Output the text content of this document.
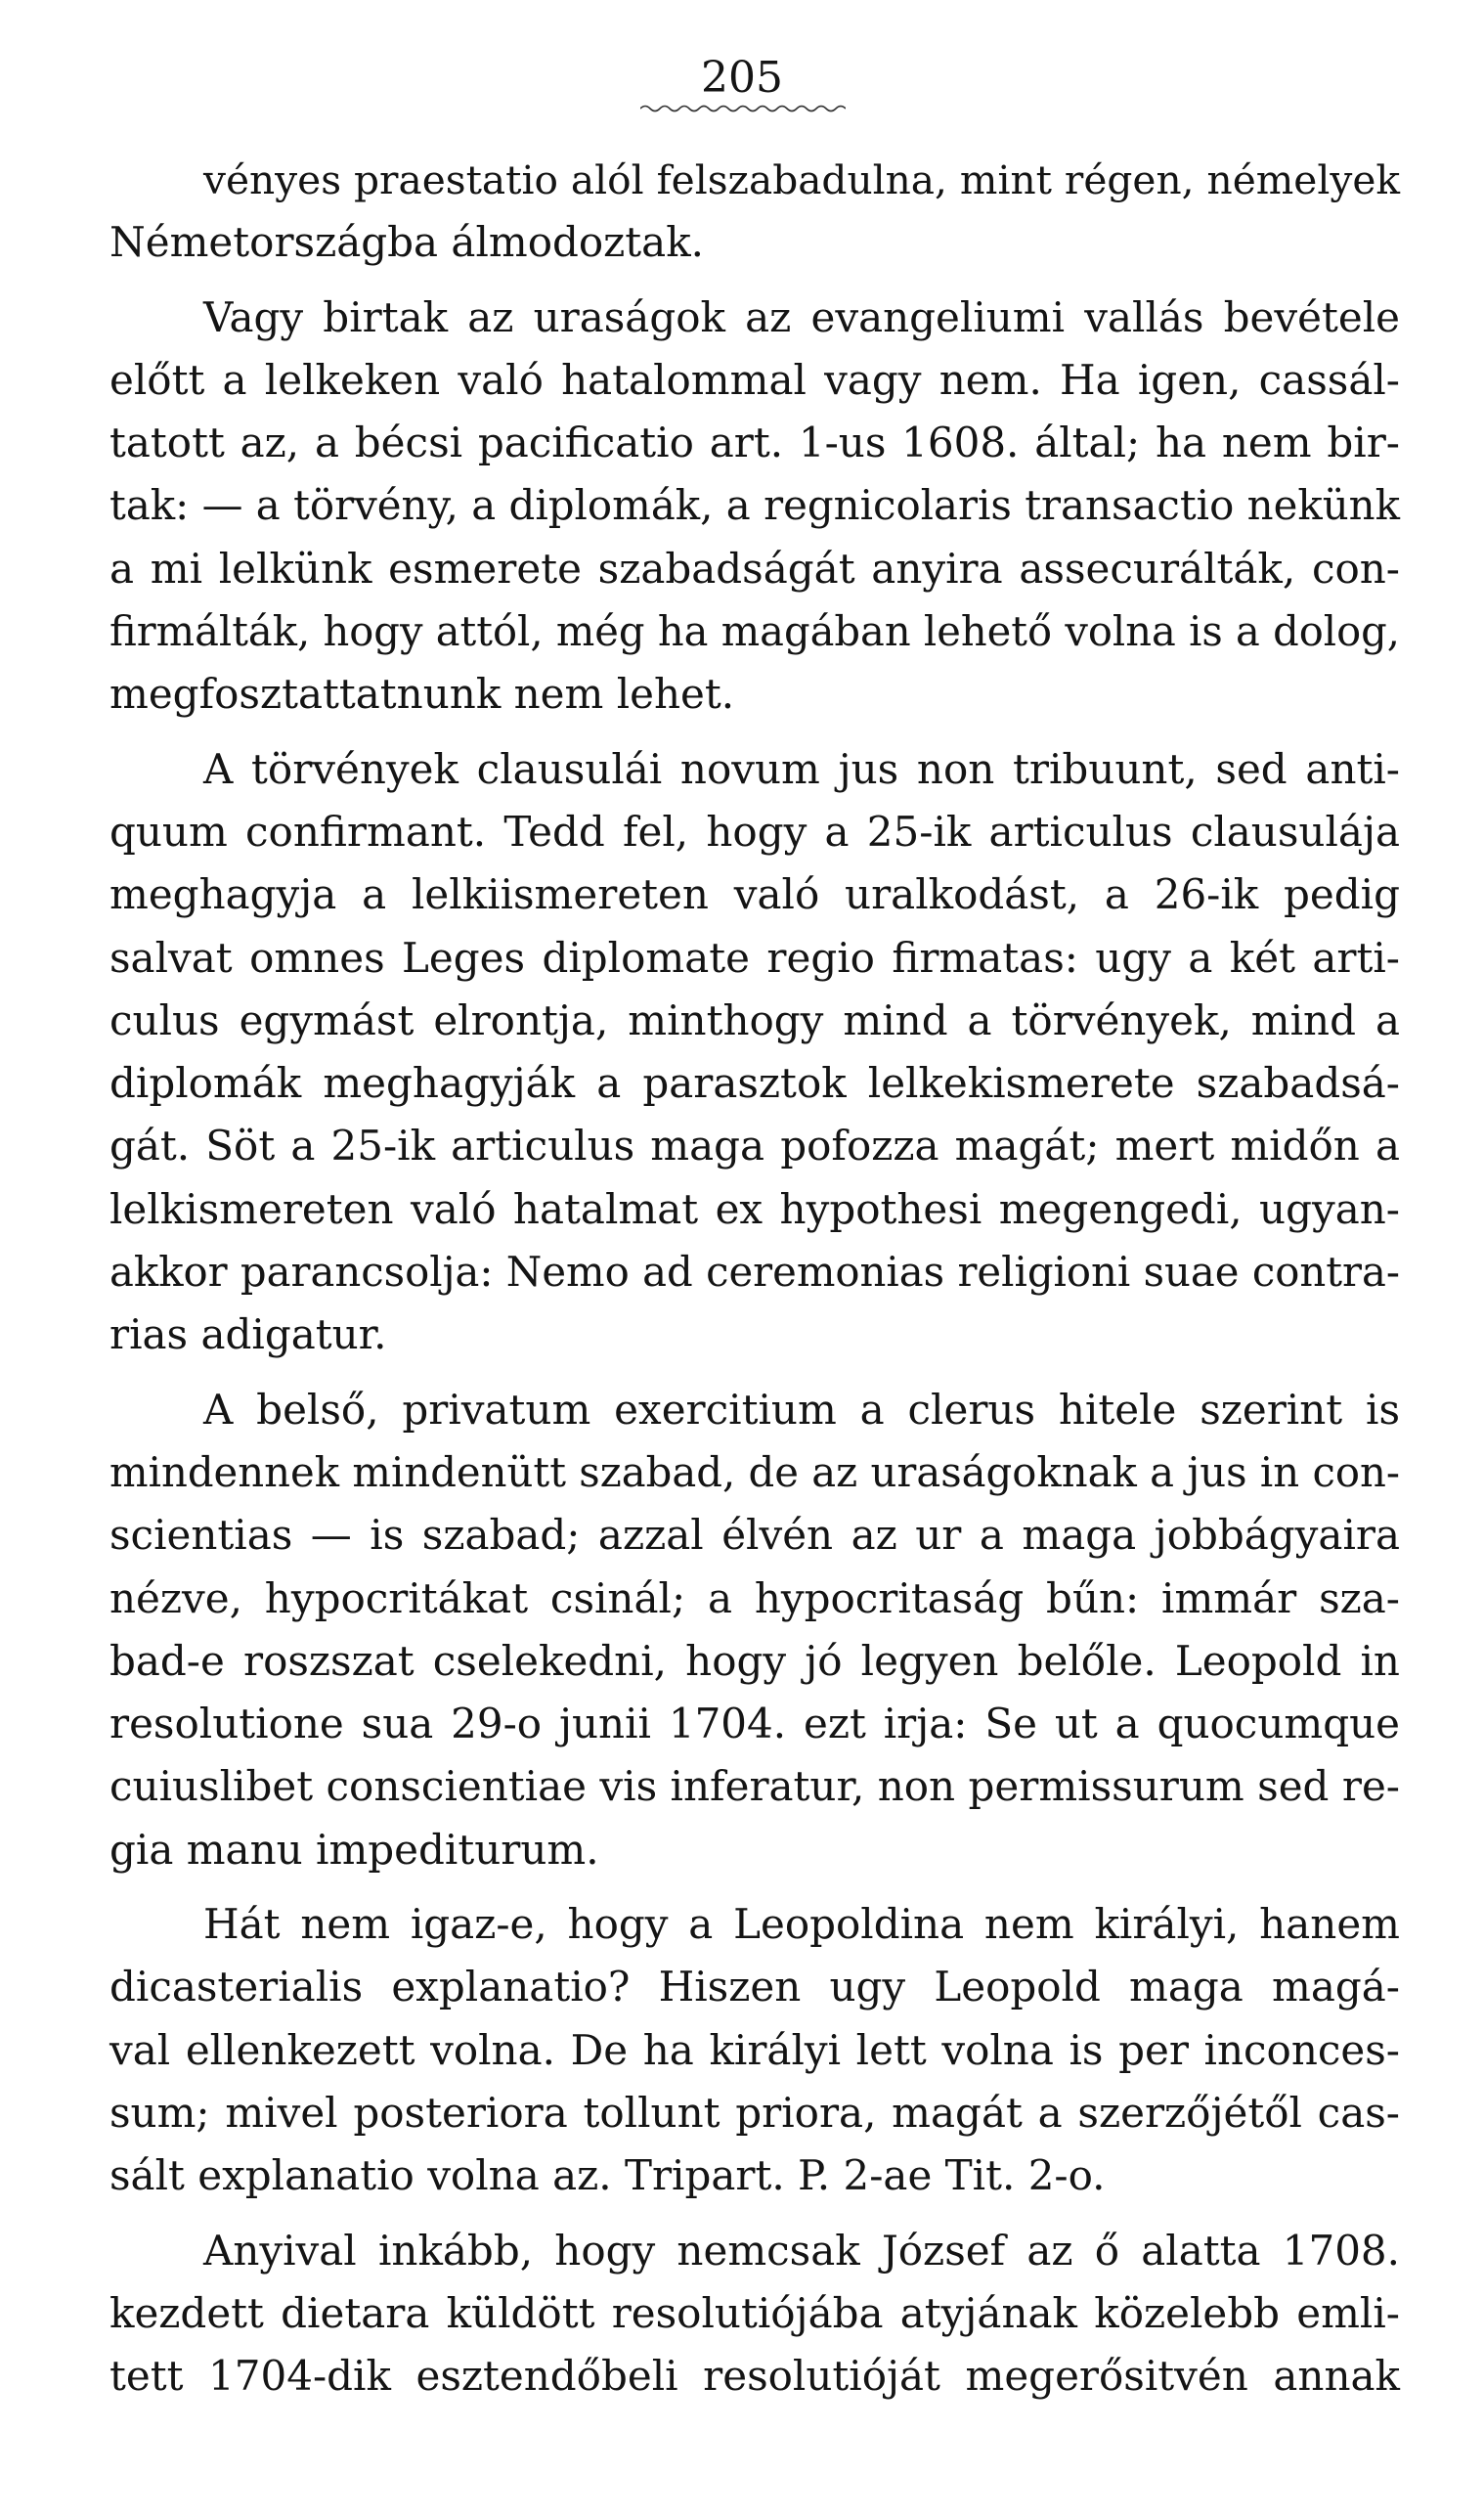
205
vényes praestatio alól felszabadulna, mint régen, némelyek
Németországba álmodoztak.
Vagy birtak az uraságok az evangeliumi vallás bevétele
előtt a lelkeken való hatalommal vagy nem. Ha igen, cassál-
tatott az, a bécsi pacificatio art. 1-us 1608. által; ha nem bir-
tak: — a törvény, a diplomák, a regnicolaris transactio nekünk
a mi lelkünk esmerete szabadságát anyira assecurálták, con-
firmálták, hogy attól, még ha magában lehető volna is a dolog,
megfosztattatnunk nem lehet.
A törvények clausulái novum jus non tribuunt, sed anti-
quum confirmant. Tedd fel, hogy a 25-ik articulus clausulája
meghagyja a lelkiismereten való uralkodást, a 26-ik pedig
salvat omnes Leges diplomate regio firmatas: ugy a két arti-
culus egymást elrontja, minthogy mind a törvények, mind a
diplomák meghagyják a parasztok lelkekismerete szabadsá-
gát. Söt a 25-ik articulus maga pofozza magát; mert midőn a
lelkismereten való hatalmat ex hypothesi megengedi, ugyan-
akkor parancsolja: Nemo ad ceremonias religioni suae contra-
rias adigatur.
A belső, privatum exercitium a clerus hitele szerint is
mindennek mindenütt szabad, de az uraságoknak a jus in con-
scientias — is szabad; azzal élvén az ur a maga jobbágyaira
nézve, hypocritákat csinál; a hypocritaság bűn: immár sza-
bad-e roszszat cselekedni, hogy jó legyen belőle. Leopold in
resolutione sua 29-o junii 1704. ezt irja: Se ut a quocumque
cuiuslibet conscientiae vis inferatur, non permissurum sed re-
gia manu impediturum.
Hát nem igaz-e, hogy a Leopoldina nem királyi, hanem
dicasterialis explanatio? Hiszen ugy Leopold maga magá-
val ellenkezett volna. De ha királyi lett volna is per inconces-
sum; mivel posteriora tollunt priora, magát a szerzőjétől cas-
sált explanatio volna az. Tripart. P. 2-ae Tit. 2-o.
Anyival inkább, hogy nemcsak József az ő alatta 1708.
kezdett dietara küldött resolutiójába atyjának közelebb emli-
tett 1704-dik esztendőbeli resolutióját megerősitvén annak
